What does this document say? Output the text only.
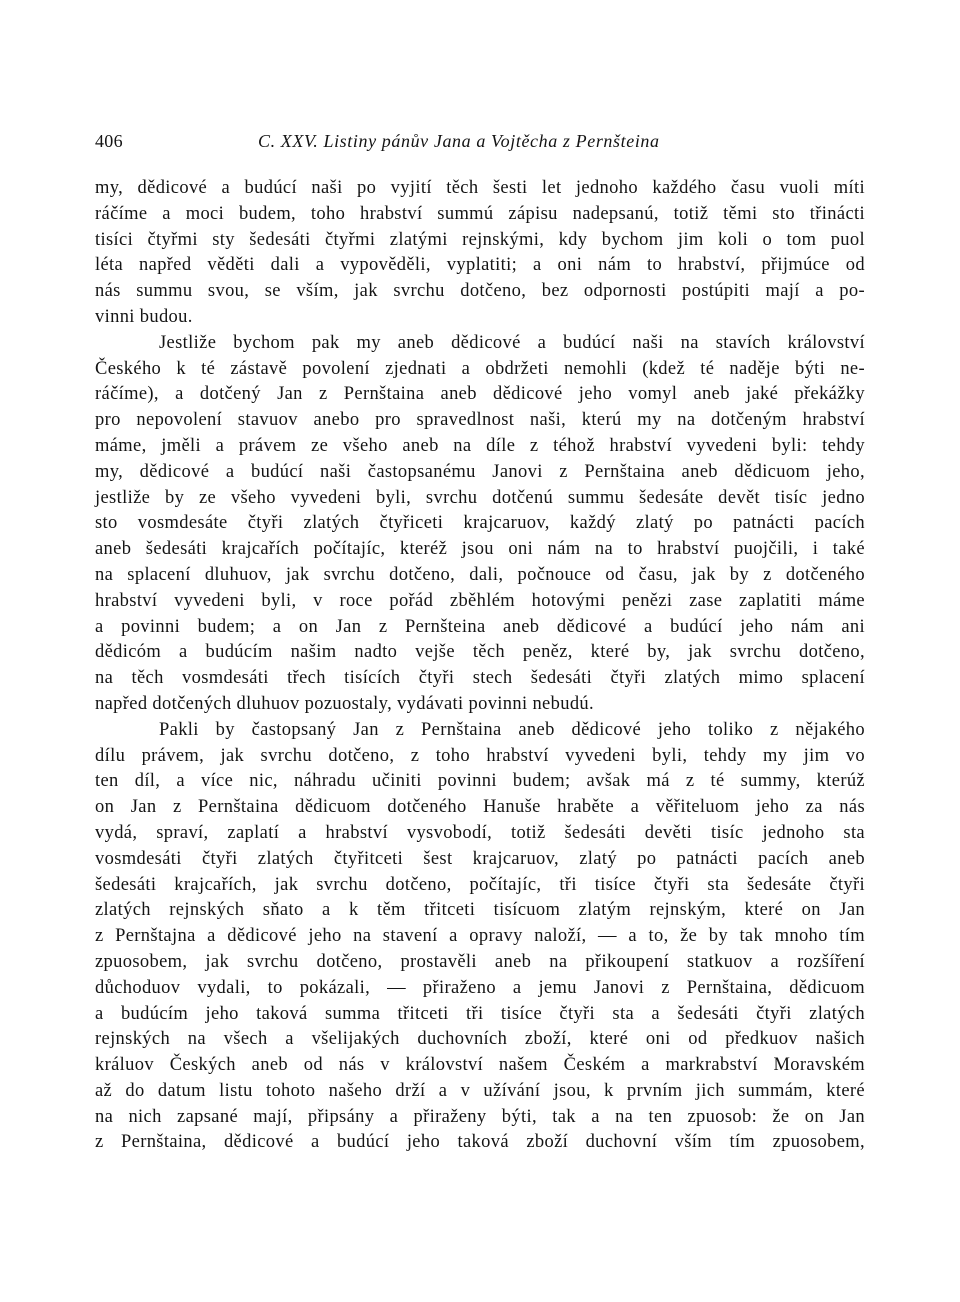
406	C. XXV. Listiny pánův Jana a Vojtěcha z Pernšteina
my, dědicové a budúcí naši po vyjití těch šesti let jednoho každého času vuoli míti
ráčíme a moci budem, toho hrabství summú zápisu nadepsanú, totiž těmi sto třinácti
tisíci čtyřmi sty šedesáti čtyřmi zlatými rejnskými, kdy bychom jim koli o tom puol
léta napřed věděti dali a vypověděli, vyplatiti; a oni nám to hrabství, přijmúce od
nás summu svou, se vším, jak svrchu dotčeno, bez odpornosti postúpiti mají a po-
vinni budou.
Jestliže bychom pak my aneb dědicové a budúcí naši na stavích království
Českého k té zástavě povolení zjednati a obdržeti nemohli (kdež té naděje býti ne-
ráčíme), a dotčený Jan z Pernštaina aneb dědicové jeho vomyl aneb jaké překážky
pro nepovolení stavuov anebo pro spravedlnost naši, kterú my na dotčeným hrabství
máme, jměli a právem ze všeho aneb na díle z téhož hrabství vyvedeni byli: tehdy
my, dědicové a budúcí naši častopsanému Janovi z Pernštaina aneb dědicuom jeho,
jestliže by ze všeho vyvedeni byli, svrchu dotčenú summu šedesáte devět tisíc jedno
sto vosmdesáte čtyři zlatých čtyřiceti krajcaruov, každý zlatý po patnácti pacích
aneb šedesáti krajcařích počítajíc, kteréž jsou oni nám na to hrabství puojčili, i také
na splacení dluhuov, jak svrchu dotčeno, dali, počnouce od času, jak by z dotčeného
hrabství vyvedeni byli, v roce pořád zběhlém hotovými penězi zase zaplatiti máme
a povinni budem; a on Jan z Pernšteina aneb dědicové a budúcí jeho nám ani
dědicóm a budúcím našim nadto vejše těch peněz, které by, jak svrchu dotčeno,
na těch vosmdesáti třech tisících čtyři stech šedesáti čtyři zlatých mimo splacení
napřed dotčených dluhuov pozuostaly, vydávati povinni nebudú.
Pakli by častopsaný Jan z Pernštaina aneb dědicové jeho toliko z nějakého
dílu právem, jak svrchu dotčeno, z toho hrabství vyvedeni byli, tehdy my jim vo
ten díl, a více nic, náhradu učiniti povinni budem; avšak má z té summy, kterúž
on Jan z Pernštaina dědicuom dotčeného Hanuše hraběte a věřiteluom jeho za nás
vydá, spraví, zaplatí a hrabství vysvobodí, totiž šedesáti devěti tisíc jednoho sta
vosmdesáti čtyři zlatých čtyřitceti šest krajcaruov, zlatý po patnácti pacích aneb
šedesáti krajcařích, jak svrchu dotčeno, počítajíc, tři tisíce čtyři sta šedesáte čtyři
zlatých rejnských sňato a k těm třitceti tisícuom zlatým rejnským, které on Jan
z Pernštajna a dědicové jeho na stavení a opravy naloží, — a to, že by tak mnoho tím
zpuosobem, jak svrchu dotčeno, prostavěli aneb na přikoupení statkuov a rozšíření
důchoduov vydali, to pokázali, — přiraženo a jemu Janovi z Pernštaina, dědicuom
a budúcím jeho taková summa třitceti tři tisíce čtyři sta a šedesáti čtyři zlatých
rejnských na všech a všelijakých duchovních zboží, které oni od předkuov našich
králuov Českých aneb od nás v království našem Českém a markrabství Moravském
až do datum listu tohoto našeho drží a v užívání jsou, k prvním jich summám, které
na nich zapsané mají, připsány a přiraženy býti, tak a na ten zpuosob: že on Jan
z Pernštaina, dědicové a budúcí jeho taková zboží duchovní vším tím zpuosobem,
